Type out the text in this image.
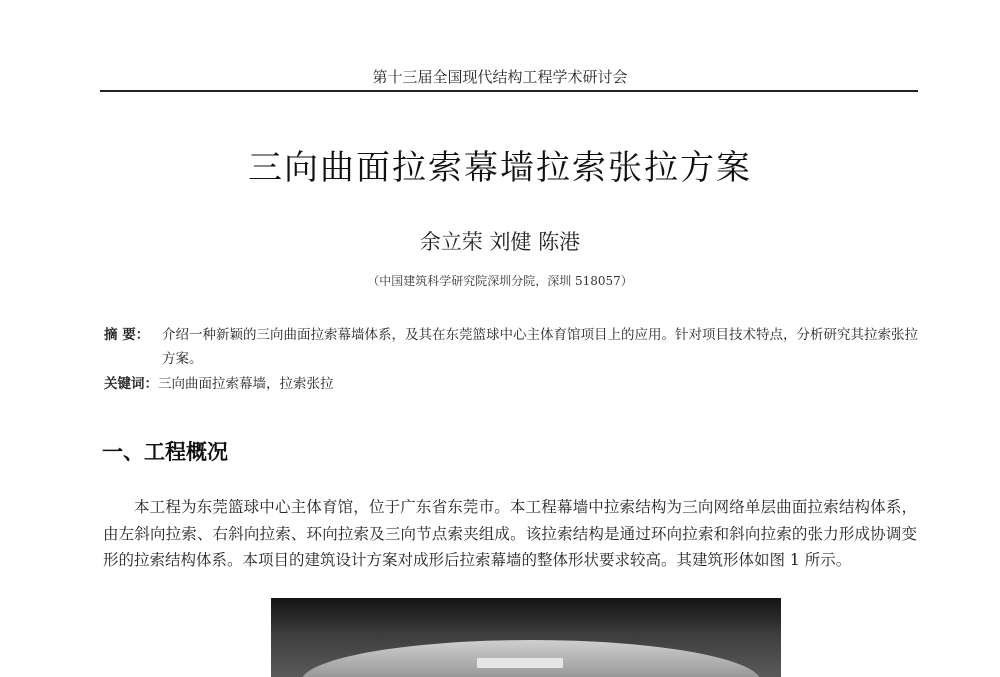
第十三届全国现代结构工程学术研讨会
三向曲面拉索幕墙拉索张拉方案
余立荣 刘健 陈港
（中国建筑科学研究院深圳分院，深圳 518057）
摘 要： 介绍一种新颖的三向曲面拉索幕墙体系，及其在东莞篮球中心主体育馆项目上的应用。针对项目技术特点，分析研究其拉索张拉方案。
关键词：三向曲面拉索幕墙，拉索张拉
一、工程概况
本工程为东莞篮球中心主体育馆，位于广东省东莞市。本工程幕墙中拉索结构为三向网络单层曲面拉索结构体系，由左斜向拉索、右斜向拉索、环向拉索及三向节点索夹组成。该拉索结构是通过环向拉索和斜向拉索的张力形成协调变形的拉索结构体系。本项目的建筑设计方案对成形后拉索幕墙的整体形状要求较高。其建筑形体如图 1 所示。
